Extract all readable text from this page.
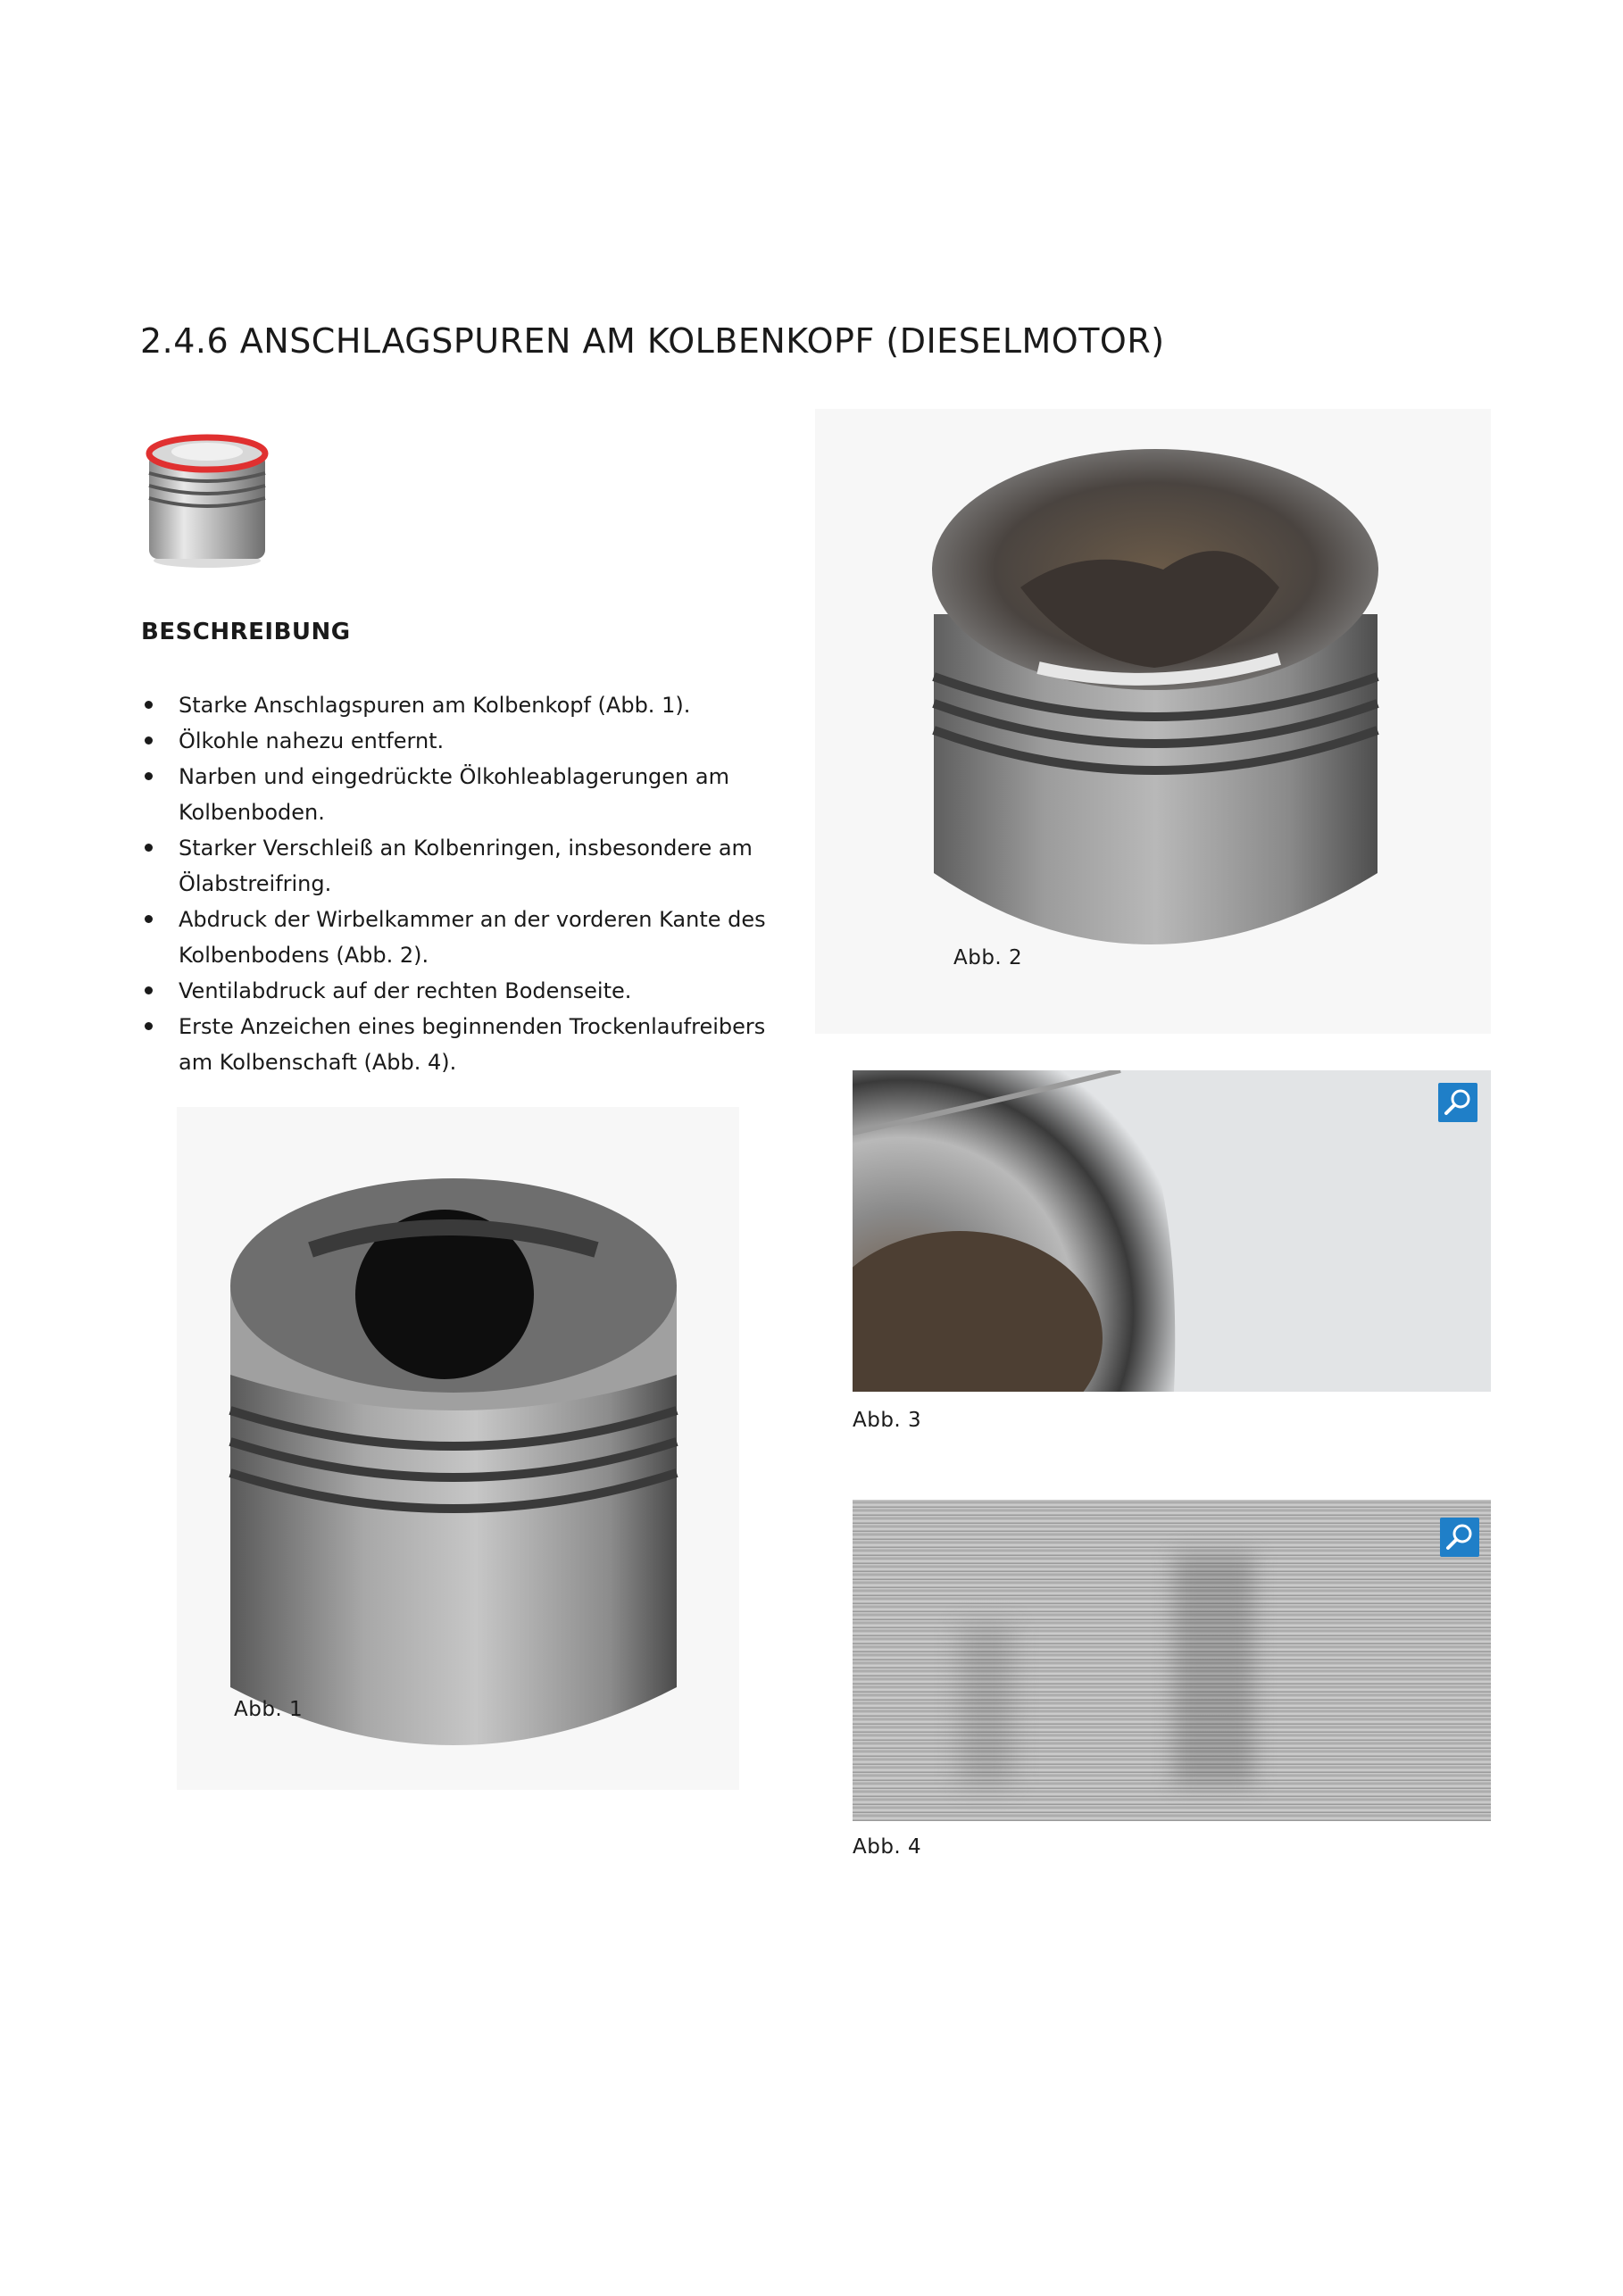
2.4.6 ANSCHLAGSPUREN AM KOLBENKOPF (DIESELMOTOR)
BESCHREIBUNG
Starke Anschlagspuren am Kolbenkopf (Abb. 1).
Ölkohle nahezu entfernt.
Narben und eingedrückte Ölkohleablagerungen am Kolbenboden.
Starker Verschleiß an Kolbenringen, insbesondere am Ölabstreifring.
Abdruck der Wirbelkammer an der vorderen Kante des Kolbenbodens (Abb. 2).
Ventilabdruck auf der rechten Bodenseite.
Erste Anzeichen eines beginnenden Trockenlaufreibers am Kolbenschaft (Abb. 4).
Abb. 2
Abb. 3
Abb. 4
Abb. 1
